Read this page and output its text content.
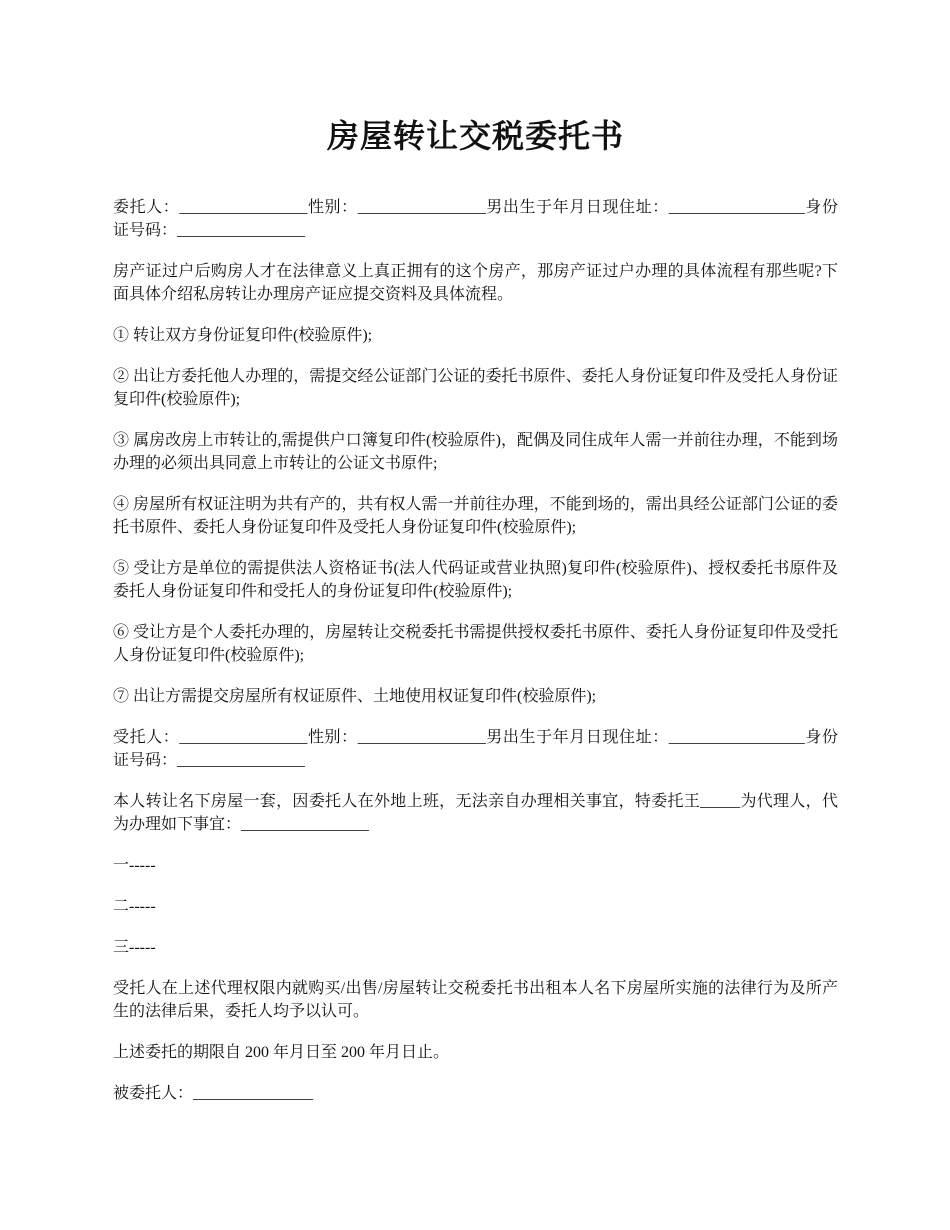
房屋转让交税委托书

委托人：________________性别：________________男出生于年月日现住址：_________________身份证号码：________________

房产证过户后购房人才在法律意义上真正拥有的这个房产，那房产证过户办理的具体流程有那些呢?下面具体介绍私房转让办理房产证应提交资料及具体流程。

① 转让双方身份证复印件(校验原件);

② 出让方委托他人办理的，需提交经公证部门公证的委托书原件、委托人身份证复印件及受托人身份证复印件(校验原件);

③ 属房改房上市转让的,需提供户口簿复印件(校验原件)，配偶及同住成年人需一并前往办理，不能到场办理的必须出具同意上市转让的公证文书原件;

④ 房屋所有权证注明为共有产的，共有权人需一并前往办理，不能到场的，需出具经公证部门公证的委托书原件、委托人身份证复印件及受托人身份证复印件(校验原件);

⑤ 受让方是单位的需提供法人资格证书(法人代码证或营业执照)复印件(校验原件)、授权委托书原件及委托人身份证复印件和受托人的身份证复印件(校验原件);

⑥ 受让方是个人委托办理的，房屋转让交税委托书需提供授权委托书原件、委托人身份证复印件及受托人身份证复印件(校验原件);

⑦ 出让方需提交房屋所有权证原件、土地使用权证复印件(校验原件);

受托人：________________性别：________________男出生于年月日现住址：_________________身份证号码：________________

本人转让名下房屋一套，因委托人在外地上班，无法亲自办理相关事宜，特委托王_____为代理人，代为办理如下事宜：________________

一-----

二-----

三-----

受托人在上述代理权限内就购买/出售/房屋转让交税委托书出租本人名下房屋所实施的法律行为及所产生的法律后果，委托人均予以认可。

上述委托的期限自 200 年月日至 200 年月日止。

被委托人：_______________
